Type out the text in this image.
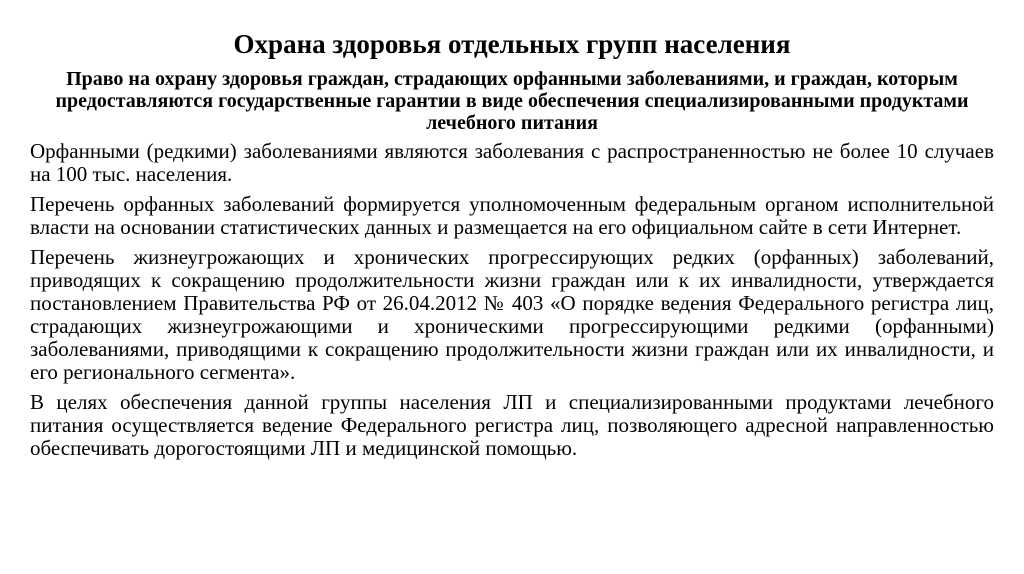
Охрана здоровья отдельных групп населения
Право на охрану здоровья граждан, страдающих орфанными заболеваниями, и граждан, которым предоставляются государственные гарантии в виде обеспечения специализированными продуктами лечебного питания

Орфанными (редкими) заболеваниями являются заболевания с распространенностью не более 10 случаев на 100 тыс. населения.

Перечень орфанных заболеваний формируется уполномоченным федеральным органом исполнительной власти на основании статистических данных и размещается на его официальном сайте в сети Интернет.

Перечень жизнеугрожающих и хронических прогрессирующих редких (орфанных) заболеваний, приводящих к сокращению продолжительности жизни граждан или к их инвалидности, утверждается постановлением Правительства РФ от 26.04.2012 № 403 «О порядке ведения Федерального регистра лиц, страдающих жизнеугрожающими и хроническими прогрессирующими редкими (орфанными) заболеваниями, приводящими к сокращению продолжительности жизни граждан или их инвалидности, и его регионального сегмента».

В целях обеспечения данной группы населения ЛП и специализированными продуктами лечебного питания осуществляется ведение Федерального регистра лиц, позволяющего адресной направленностью обеспечивать дорогостоящими ЛП и медицинской помощью.
